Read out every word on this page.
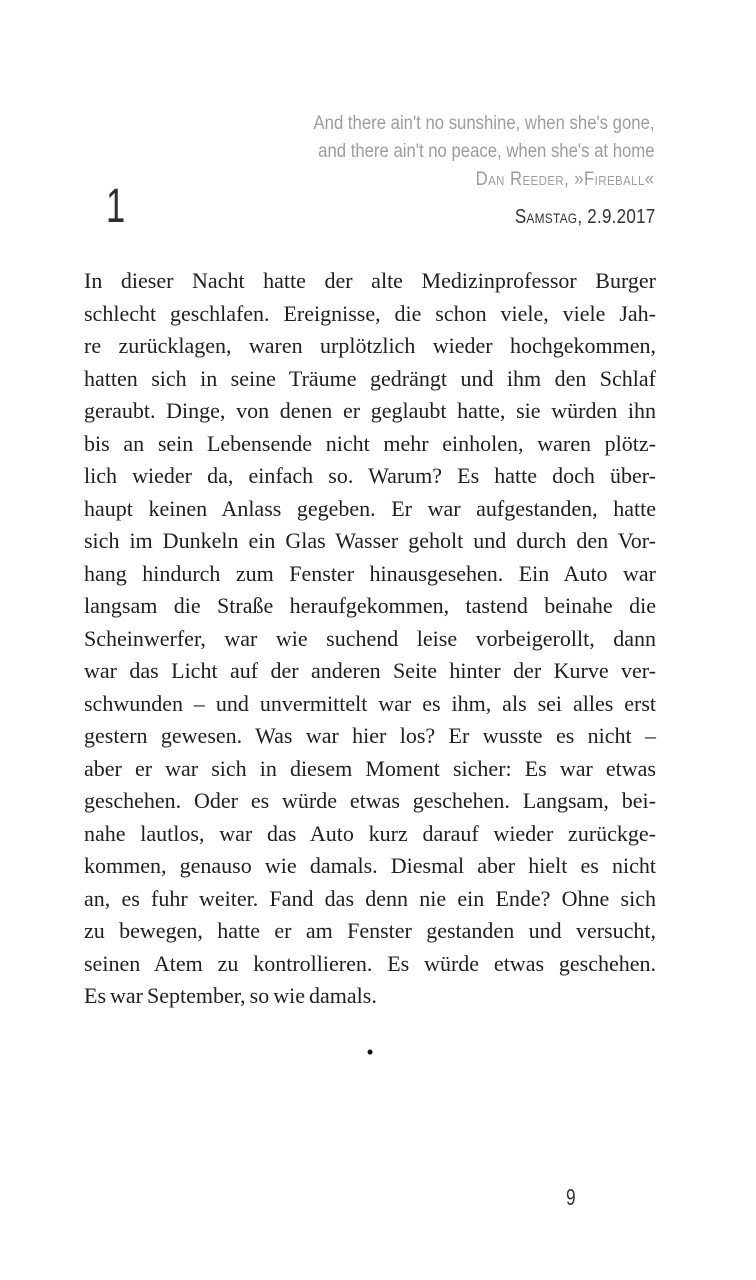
And there ain't no sunshine, when she's gone,
and there ain't no peace, when she's at home
Dan Reeder, »Fireball«
1	Samstag, 2.9.2017
In dieser Nacht hatte der alte Medizinprofessor Burger
schlecht geschlafen. Ereignisse, die schon viele, viele Jah-
re zurücklagen, waren urplötzlich wieder hochgekommen,
hatten sich in seine Träume gedrängt und ihm den Schlaf
geraubt. Dinge, von denen er geglaubt hatte, sie würden ihn
bis an sein Lebensende nicht mehr einholen, waren plötz-
lich wieder da, einfach so. Warum? Es hatte doch über-
haupt keinen Anlass gegeben. Er war aufgestanden, hatte
sich im Dunkeln ein Glas Wasser geholt und durch den Vor-
hang hindurch zum Fenster hinausgesehen. Ein Auto war
langsam die Straße heraufgekommen, tastend beinahe die
Scheinwerfer, war wie suchend leise vorbeigerollt, dann
war das Licht auf der anderen Seite hinter der Kurve ver-
schwunden – und unvermittelt war es ihm, als sei alles erst
gestern gewesen. Was war hier los? Er wusste es nicht –
aber er war sich in diesem Moment sicher: Es war etwas
geschehen. Oder es würde etwas geschehen. Langsam, bei-
nahe lautlos, war das Auto kurz darauf wieder zurückge-
kommen, genauso wie damals. Diesmal aber hielt es nicht
an, es fuhr weiter. Fand das denn nie ein Ende? Ohne sich
zu bewegen, hatte er am Fenster gestanden und versucht,
seinen Atem zu kontrollieren. Es würde etwas geschehen.
Es war September, so wie damals.
•
9
